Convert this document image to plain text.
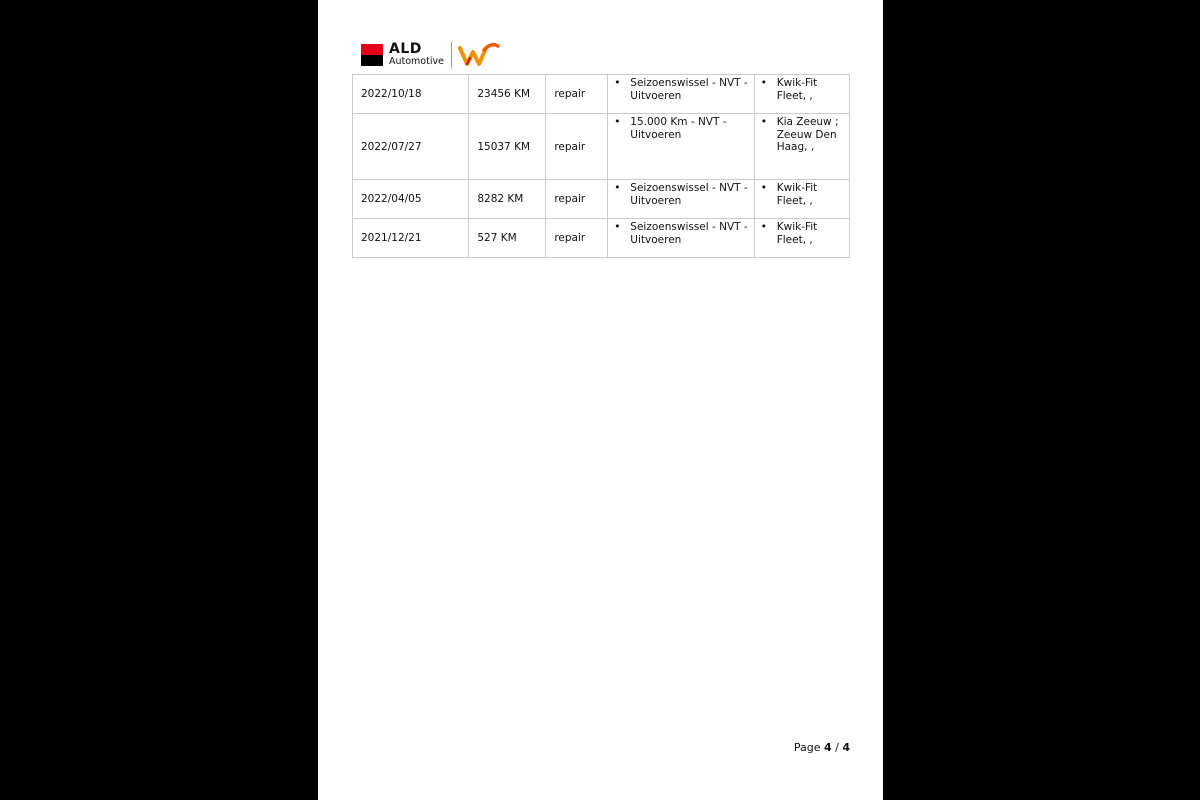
ALD
Automotive
2022/10/18	23456 KM	repair	• Seizoenswissel - NVT - Uitvoeren	• Kwik-Fit Fleet, ,
2022/07/27	15037 KM	repair	• 15.000 Km - NVT - Uitvoeren	• Kia Zeeuw ; Zeeuw Den Haag, ,
2022/04/05	8282 KM	repair	• Seizoenswissel - NVT - Uitvoeren	• Kwik-Fit Fleet, ,
2021/12/21	527 KM	repair	• Seizoenswissel - NVT - Uitvoeren	• Kwik-Fit Fleet, ,
Page 4 / 4
